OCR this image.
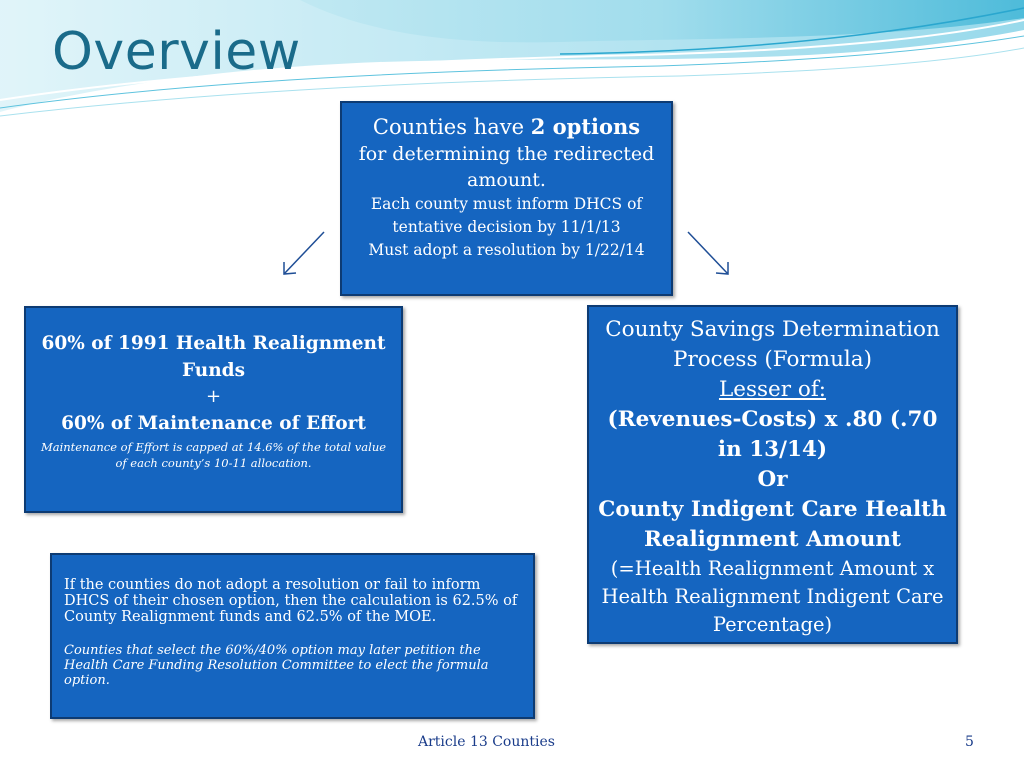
Overview
Counties have 2 options
for determining the redirected amount.
Each county must inform DHCS of tentative decision by 11/1/13
Must adopt a resolution by 1/22/14
60% of 1991 Health Realignment Funds
+
60% of Maintenance of Effort
Maintenance of Effort is capped at 14.6% of the total value of each county’s 10-11 allocation.
County Savings Determination Process (Formula)
Lesser of:
(Revenues-Costs) x .80 (.70 in 13/14)
Or
County Indigent Care Health Realignment Amount
(=Health Realignment Amount x Health Realignment Indigent Care Percentage)
If the counties do not adopt a resolution or fail to inform DHCS of their chosen option, then the calculation is 62.5% of County Realignment funds and 62.5% of the MOE.
Counties that select the 60%/40% option may later petition the Health Care Funding Resolution Committee to elect the formula option.
Article 13 Counties	5
